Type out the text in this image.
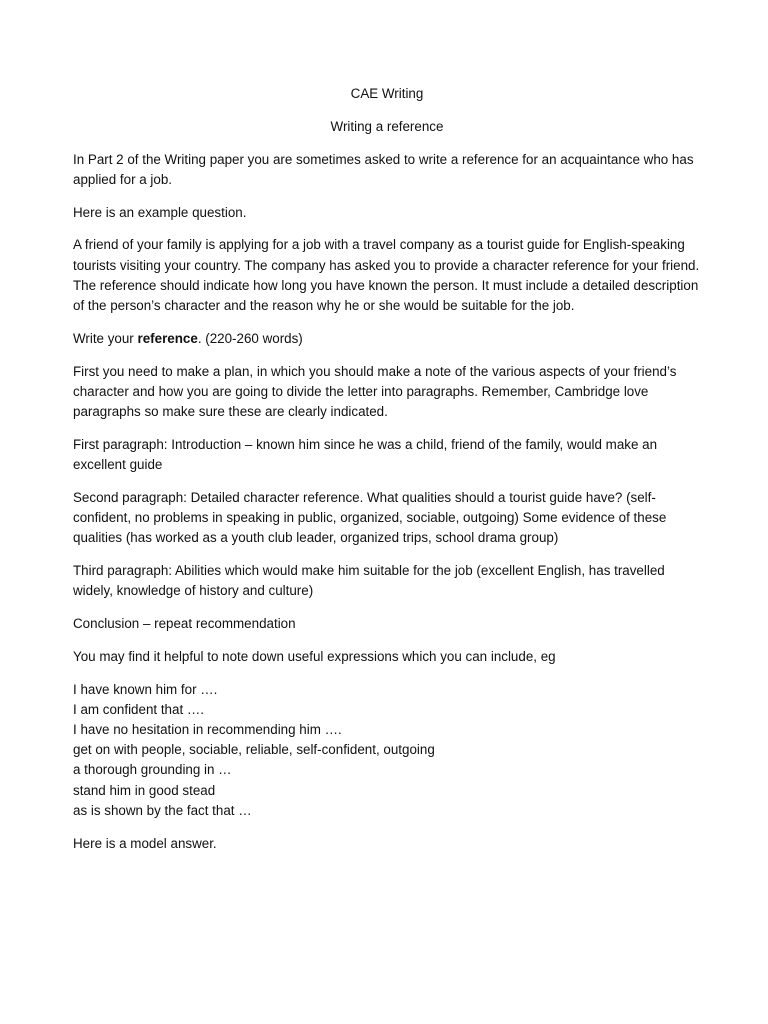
CAE Writing
Writing a reference

In Part 2 of the Writing paper you are sometimes asked to write a reference for an acquaintance who has applied for a job.

Here is an example question.

A friend of your family is applying for a job with a travel company as a tourist guide for English-speaking tourists visiting your country. The company has asked you to provide a character reference for your friend. The reference should indicate how long you have known the person. It must include a detailed description of the person’s character and the reason why he or she would be suitable for the job.

Write your reference. (220-260 words)

First you need to make a plan, in which you should make a note of the various aspects of your friend’s character and how you are going to divide the letter into paragraphs. Remember, Cambridge love paragraphs so make sure these are clearly indicated.

First paragraph: Introduction – known him since he was a child, friend of the family, would make an excellent guide

Second paragraph: Detailed character reference. What qualities should a tourist guide have? (self-confident, no problems in speaking in public, organized, sociable, outgoing) Some evidence of these qualities (has worked as a youth club leader, organized trips, school drama group)

Third paragraph: Abilities which would make him suitable for the job (excellent English, has travelled widely, knowledge of history and culture)

Conclusion – repeat recommendation

You may find it helpful to note down useful expressions which you can include, eg

I have known him for ….
I am confident that ….
I have no hesitation in recommending him ….
get on with people, sociable, reliable, self-confident, outgoing
a thorough grounding in …
stand him in good stead
as is shown by the fact that …

Here is a model answer.
